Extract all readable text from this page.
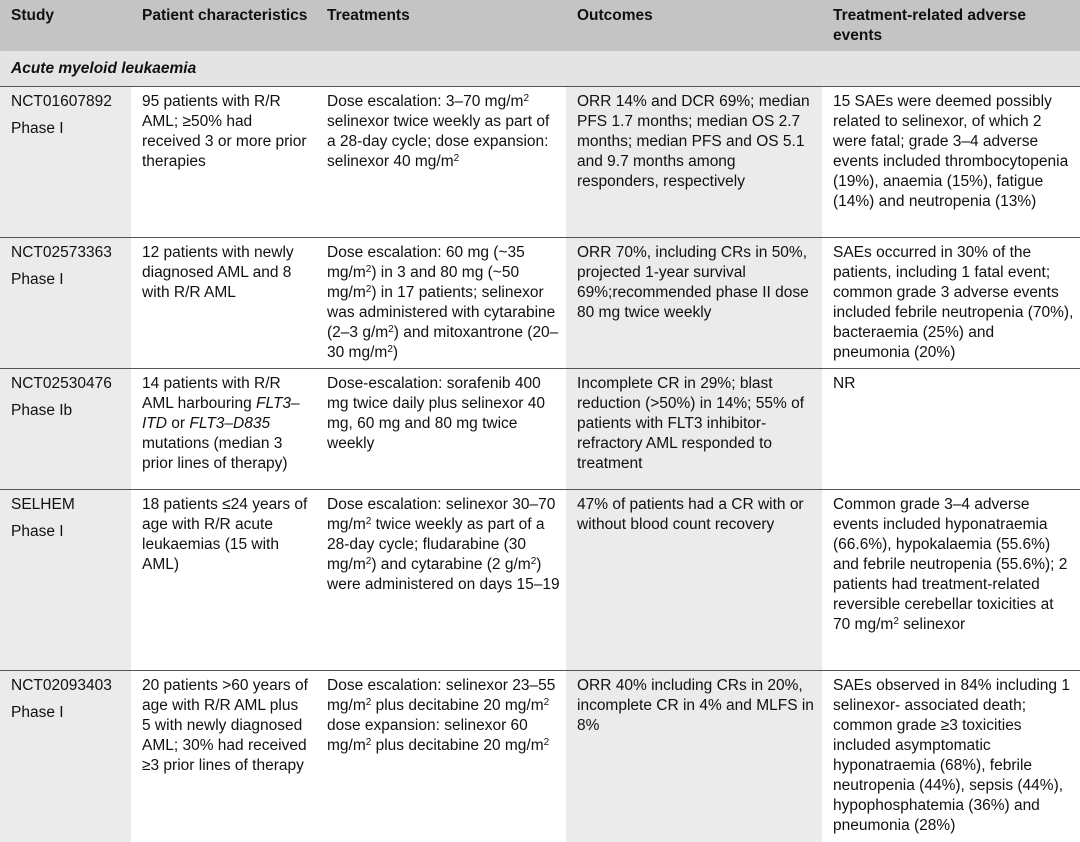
Study	Patient characteristics	Treatments	Outcomes	Treatment-related adverse events
Acute myeloid leukaemia				

NCT01607892
Phase I	95 patients with R/R AML; ≥50% had received 3 or more prior therapies	Dose escalation: 3–70 $mg/m^2$ selinexor twice weekly as part of a 28-day cycle; dose expansion: selinexor 40 $mg/m^2$	ORR 14% and DCR 69%; median PFS 1.7 months; median OS 2.7 months; median PFS and OS 5.1 and 9.7 months among responders, respectively	15 SAEs were deemed possibly related to selinexor, of which 2 were fatal; grade 3–4 adverse events included thrombocytopenia (19%), anaemia (15%), fatigue (14%) and neutropenia (13%)

NCT02573363
Phase I	12 patients with newly diagnosed AML and 8 with R/R AML	Dose escalation: 60 mg (~35 $mg/m^2$) in 3 and 80 mg (~50 $mg/m^2$) in 17 patients; selinexor was administered with cytarabine (2–3 $g/m^2$) and mitoxantrone (20–30 $mg/m^2$)	ORR 70%, including CRs in 50%, projected 1-year survival 69%;recommended phase II dose 80 mg twice weekly	SAEs occurred in 30% of the patients, including 1 fatal event; common grade 3 adverse events included febrile neutropenia (70%), bacteraemia (25%) and pneumonia (20%)

NCT02530476
Phase Ib	14 patients with R/R AML harbouring FLT3–ITD or FLT3–D835 mutations (median 3 prior lines of therapy)	Dose-escalation: sorafenib 400 mg twice daily plus selinexor 40 mg, 60 mg and 80 mg twice weekly	Incomplete CR in 29%; blast reduction (>50%) in 14%; 55% of patients with FLT3 inhibitor-refractory AML responded to treatment	NR

SELHEM
Phase I	18 patients ≤24 years of age with R/R acute leukaemias (15 with AML)	Dose escalation: selinexor 30–70 $mg/m^2$ twice weekly as part of a 28-day cycle; fludarabine (30 $mg/m^2$) and cytarabine (2 $g/m^2$) were administered on days 15–19	47% of patients had a CR with or without blood count recovery	Common grade 3–4 adverse events included hyponatraemia (66.6%), hypokalaemia (55.6%) and febrile neutropenia (55.6%); 2 patients had treatment-related reversible cerebellar toxicities at 70 $mg/m^2$ selinexor

NCT02093403
Phase I	20 patients >60 years of age with R/R AML plus 5 with newly diagnosed AML; 30% had received ≥3 prior lines of therapy	Dose escalation: selinexor 23–55 $mg/m^2$ plus decitabine 20 $mg/m^2$ dose expansion: selinexor 60 $mg/m^2$ plus decitabine 20 $mg/m^2$	ORR 40% including CRs in 20%, incomplete CR in 4% and MLFS in 8%	SAEs observed in 84% including 1 selinexor- associated death; common grade ≥3 toxicities included asymptomatic hyponatraemia (68%), febrile neutropenia (44%), sepsis (44%), hypophosphatemia (36%) and pneumonia (28%)
